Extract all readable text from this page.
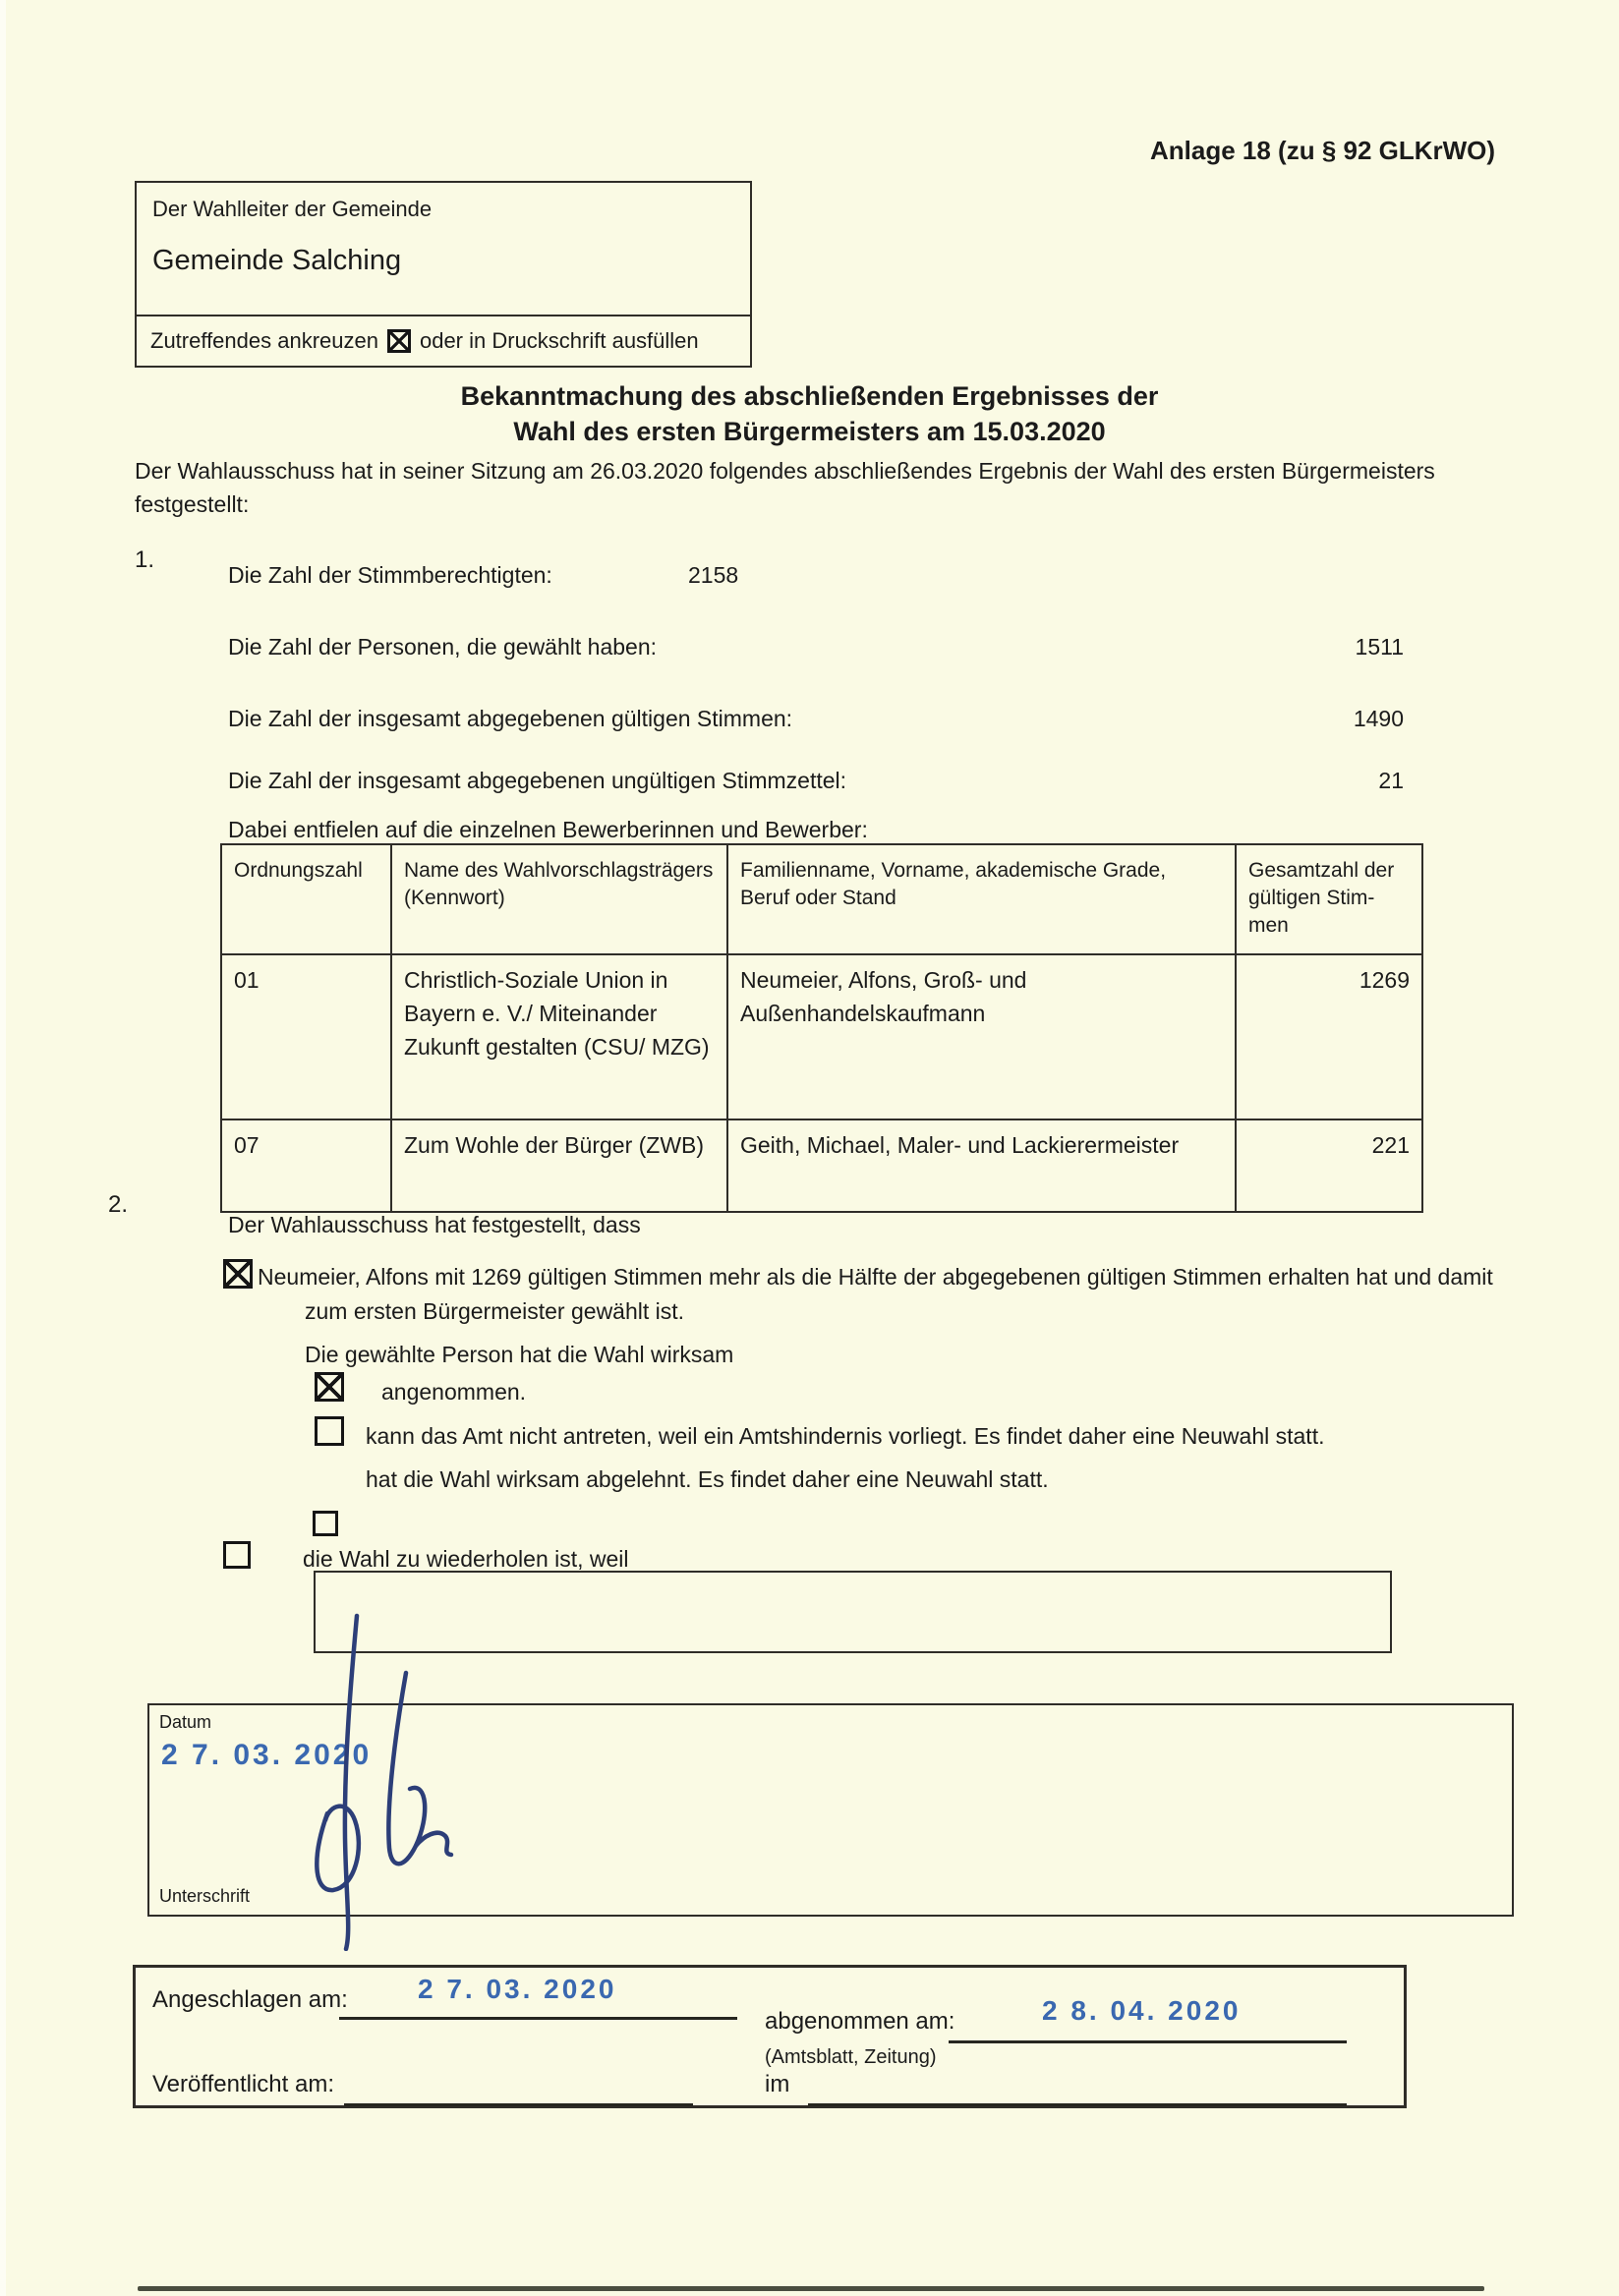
Anlage 18 (zu § 92 GLKrWO)
Der Wahlleiter der Gemeinde
Gemeinde Salching
Zutreffendes ankreuzen oder in Druckschrift ausfüllen
Bekanntmachung des abschließenden Ergebnisses der
Wahl des ersten Bürgermeisters am 15.03.2020
Der Wahlausschuss hat in seiner Sitzung am 26.03.2020 folgendes abschließendes Ergebnis der Wahl des ersten Bürgermeisters festgestellt:
1.
Die Zahl der Stimmberechtigten:	2158
Die Zahl der Personen, die gewählt haben:	1511
Die Zahl der insgesamt abgegebenen gültigen Stimmen:	1490
Die Zahl der insgesamt abgegebenen ungültigen Stimmzettel:	21
Dabei entfielen auf die einzelnen Bewerberinnen und Bewerber:
Ordnungszahl	Name des Wahlvorschlagsträgers (Kennwort)	Familienname, Vorname, akademische Grade, Beruf oder Stand	Gesamtzahl der gültigen Stim-men
01	Christlich-Soziale Union in Bayern e. V./ Miteinander Zukunft gestalten (CSU/ MZG)	Neumeier, Alfons, Groß- und Außenhandelskaufmann	1269
07	Zum Wohle der Bürger (ZWB)	Geith, Michael, Maler- und Lackierermeister	221
2.
Der Wahlausschuss hat festgestellt, dass
Neumeier, Alfons mit 1269 gültigen Stimmen mehr als die Hälfte der abgegebenen gültigen Stimmen erhalten hat und damit zum ersten Bürgermeister gewählt ist.
Die gewählte Person hat die Wahl wirksam
angenommen.
kann das Amt nicht antreten, weil ein Amtshindernis vorliegt. Es findet daher eine Neuwahl statt.
hat die Wahl wirksam abgelehnt. Es findet daher eine Neuwahl statt.
die Wahl zu wiederholen ist, weil
Datum
2 7. 03. 2020
Unterschrift
Angeschlagen am:	2 7. 03. 2020
abgenommen am:	2 8. 04. 2020
(Amtsblatt, Zeitung)
Veröffentlicht am:	im
